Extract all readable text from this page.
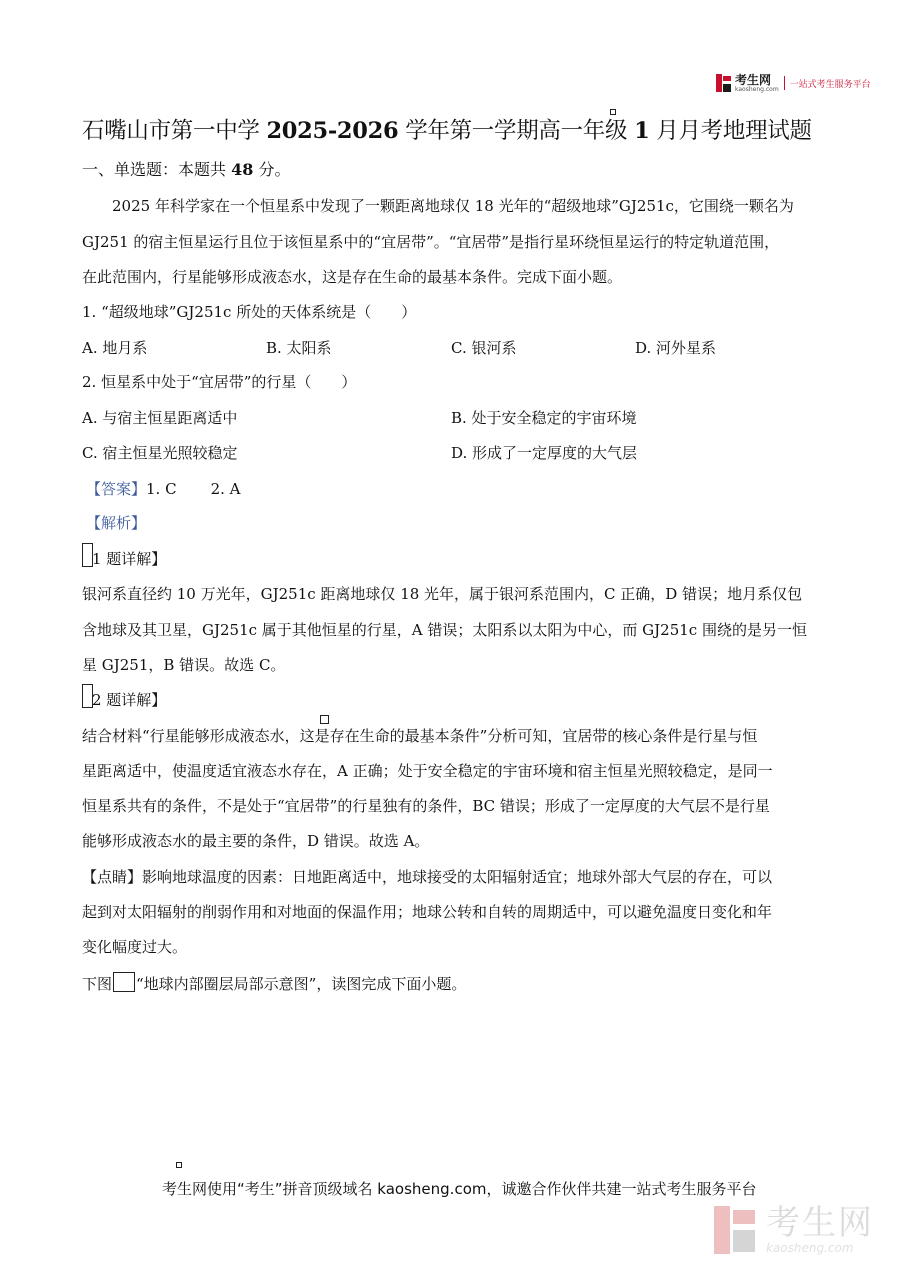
考生网
kaosheng.com 一站式考生服务平台
石嘴山市第一中学 2025-2026 学年第一学期高一年级 1 月月考地理试题
一、单选题：本题共 48 分。
2025 年科学家在一个恒星系中发现了一颗距离地球仅 18 光年的“超级地球”GJ251c，它围绕一颗名为
GJ251 的宿主恒星运行且位于该恒星系中的“宜居带”。“宜居带”是指行星环绕恒星运行的特定轨道范围，
在此范围内，行星能够形成液态水，这是存在生命的最基本条件。完成下面小题。
1. “超级地球”GJ251c 所处的天体系统是（　　）
A. 地月系	B. 太阳系	C. 银河系	D. 河外星系
2. 恒星系中处于“宜居带”的行星（　　）
A. 与宿主恒星距离适中	B. 处于安全稳定的宇宙环境
C. 宿主恒星光照较稳定	D. 形成了一定厚度的大气层
【答案】1. C 2. A
【解析】
1 题详解】
银河系直径约 10 万光年，GJ251c 距离地球仅 18 光年，属于银河系范围内，C 正确，D 错误；地月系仅包
含地球及其卫星，GJ251c 属于其他恒星的行星，A 错误；太阳系以太阳为中心，而 GJ251c 围绕的是另一恒
星 GJ251，B 错误。故选 C。
2 题详解】
结合材料“行星能够形成液态水，这是存在生命的最基本条件”分析可知，宜居带的核心条件是行星与恒
星距离适中，使温度适宜液态水存在，A 正确；处于安全稳定的宇宙环境和宿主恒星光照较稳定，是同一
恒星系共有的条件，不是处于“宜居带”的行星独有的条件，BC 错误；形成了一定厚度的大气层不是行星
能够形成液态水的最主要的条件，D 错误。故选 A。
【点睛】影响地球温度的因素：日地距离适中，地球接受的太阳辐射适宜；地球外部大气层的存在，可以
起到对太阳辐射的削弱作用和对地面的保温作用；地球公转和自转的周期适中，可以避免温度日变化和年
变化幅度过大。
下图 “地球内部圈层局部示意图”，读图完成下面小题。
考生网使用“考生”拼音顶级域名 kaosheng.com，诚邀合作伙伴共建一站式考生服务平台
考生网
kaosheng.com
